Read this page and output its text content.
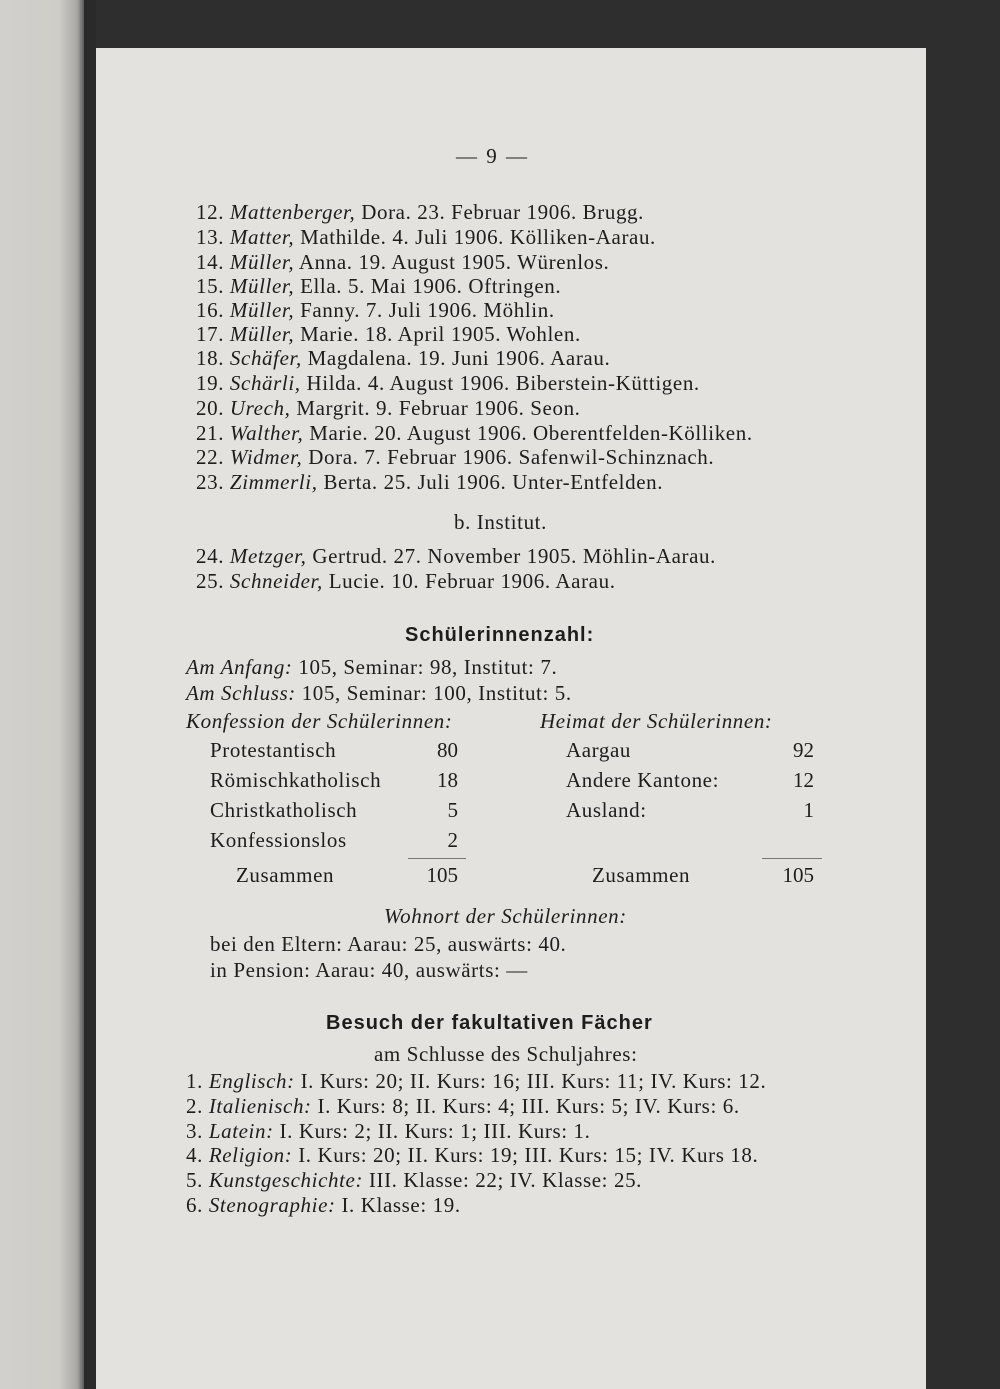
— 9 —
12. Mattenberger, Dora. 23. Februar 1906. Brugg.
13. Matter, Mathilde. 4. Juli 1906. Kölliken-Aarau.
14. Müller, Anna. 19. August 1905. Würenlos.
15. Müller, Ella. 5. Mai 1906. Oftringen.
16. Müller, Fanny. 7. Juli 1906. Möhlin.
17. Müller, Marie. 18. April 1905. Wohlen.
18. Schäfer, Magdalena. 19. Juni 1906. Aarau.
19. Schärli, Hilda. 4. August 1906. Biberstein-Küttigen.
20. Urech, Margrit. 9. Februar 1906. Seon.
21. Walther, Marie. 20. August 1906. Oberentfelden-Kölliken.
22. Widmer, Dora. 7. Februar 1906. Safenwil-Schinznach.
23. Zimmerli, Berta. 25. Juli 1906. Unter-Entfelden.
b. Institut.
24. Metzger, Gertrud. 27. November 1905. Möhlin-Aarau.
25. Schneider, Lucie. 10. Februar 1906. Aarau.
Schülerinnenzahl:
Am Anfang: 105, Seminar: 98, Institut: 7.
Am Schluss: 105, Seminar: 100, Institut: 5.
Konfession der Schülerinnen:
Protestantisch	80
Römischkatholisch	18
Christkatholisch	5
Konfessionslos	2
Zusammen	105
Heimat der Schülerinnen:
Aargau	92
Andere Kantone:	12
Ausland:	1
Zusammen	105
Wohnort der Schülerinnen:
bei den Eltern: Aarau: 25, auswärts: 40.
in Pension: Aarau: 40, auswärts: —
Besuch der fakultativen Fächer
am Schlusse des Schuljahres:
1. Englisch: I. Kurs: 20; II. Kurs: 16; III. Kurs: 11; IV. Kurs: 12.
2. Italienisch: I. Kurs: 8; II. Kurs: 4; III. Kurs: 5; IV. Kurs: 6.
3. Latein: I. Kurs: 2; II. Kurs: 1; III. Kurs: 1.
4. Religion: I. Kurs: 20; II. Kurs: 19; III. Kurs: 15; IV. Kurs 18.
5. Kunstgeschichte: III. Klasse: 22; IV. Klasse: 25.
6. Stenographie: I. Klasse: 19.
